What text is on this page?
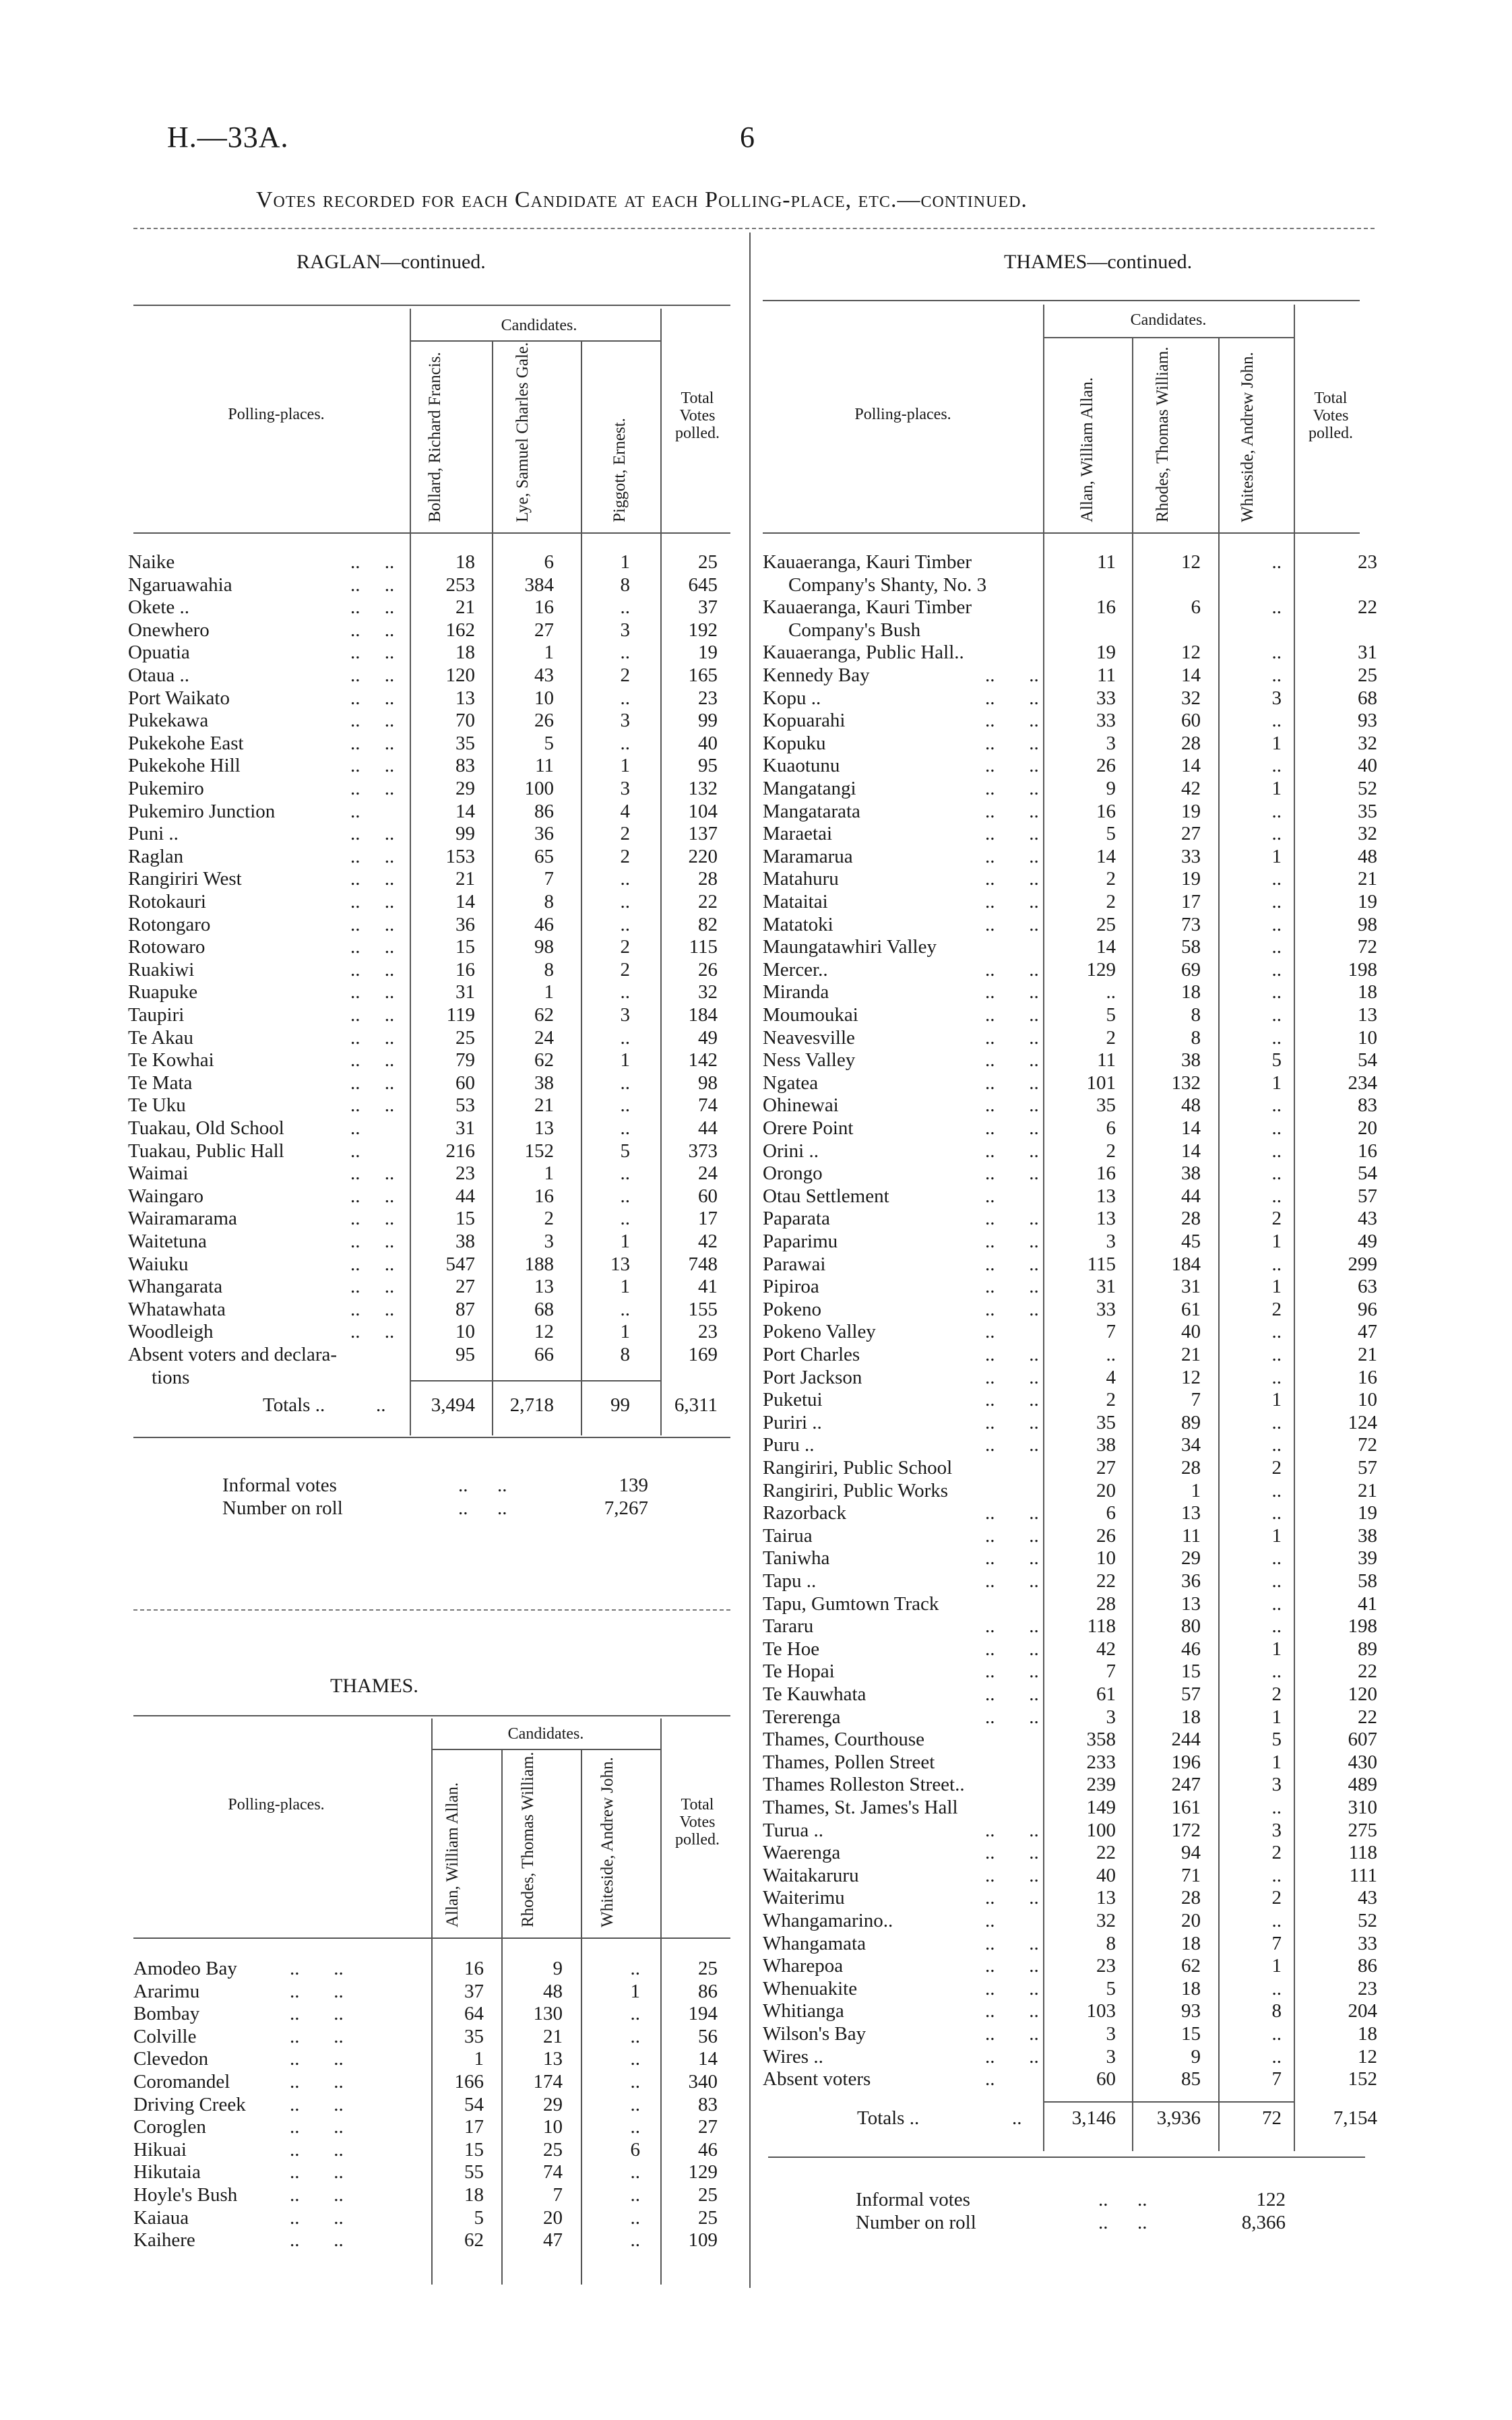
H.—33A.	6
Votes recorded for each Candidate at each Polling-place, etc.—continued.
RAGLAN—continued.
Candidates.
Polling-places.
Total Votes polled.
Bollard, Richard Francis.	Lye, Samuel Charles Gale.	Piggott, Ernest.
Naike	..     ..	18	6	1	25
Ngaruawahia	..     ..	253	384	8	645
Okete ..	..     ..	21	16	..	37
Onewhero	..     ..	162	27	3	192
Opuatia	..     ..	18	1	..	19
Otaua ..	..     ..	120	43	2	165
Port Waikato	..     ..	13	10	..	23
Pukekawa	..     ..	70	26	3	99
Pukekohe East	..     ..	35	5	..	40
Pukekohe Hill	..     ..	83	11	1	95
Pukemiro	..     ..	29	100	3	132
Pukemiro Junction	..	14	86	4	104
Puni ..	..     ..	99	36	2	137
Raglan	..     ..	153	65	2	220
Rangiriri West	..     ..	21	7	..	28
Rotokauri	..     ..	14	8	..	22
Rotongaro	..     ..	36	46	..	82
Rotowaro	..     ..	15	98	2	115
Ruakiwi	..     ..	16	8	2	26
Ruapuke	..     ..	31	1	..	32
Taupiri	..     ..	119	62	3	184
Te Akau	..     ..	25	24	..	49
Te Kowhai	..     ..	79	62	1	142
Te Mata	..     ..	60	38	..	98
Te Uku	..     ..	53	21	..	74
Tuakau, Old School	..	31	13	..	44
Tuakau, Public Hall	..	216	152	5	373
Waimai	..     ..	23	1	..	24
Waingaro	..     ..	44	16	..	60
Wairamarama	..     ..	15	2	..	17
Waitetuna	..     ..	38	3	1	42
Waiuku	..     ..	547	188	13	748
Whangarata	..     ..	27	13	1	41
Whatawhata	..     ..	87	68	..	155
Woodleigh	..     ..	10	12	1	23
Absent voters and declara-	95	66	8	169
tions
Totals ..	..	3,494	2,718	99	6,311
Informal votes	..      ..	139
Number on roll	..      ..	7,267
THAMES.
Candidates.
Polling-places.	Total Votes polled.
Allan, William Allan.	Rhodes, Thomas William.	Whiteside, Andrew John.
Amodeo Bay	..       ..	16	9	..	25
Ararimu	..       ..	37	48	1	86
Bombay	..       ..	64	130	..	194
Colville	..       ..	35	21	..	56
Clevedon	..       ..	1	13	..	14
Coromandel	..       ..	166	174	..	340
Driving Creek ..       ..	54	29	..	83
Coroglen	..       ..	17	10	..	27
Hikuai	..       ..	15	25	6	46
Hikutaia	..       ..	55	74	..	129
Hoyle's Bush	..       ..	18	7	..	25
Kaiaua	..       ..	5	20	..	25
Kaihere	..       ..	62	47	..	109
THAMES—continued.
Candidates.
Polling-places.
Total Votes polled.
Allan, William Allan.	Rhodes, Thomas William.	Whiteside, Andrew John.
Kauaeranga, Kauri Timber	11	12	..	23
Company's Shanty, No. 3
Kauaeranga, Kauri Timber	16	6	..	22
Company's Bush
Kauaeranga, Public Hall..	19	12	..	31
Kennedy Bay	..       ..	11	14	..	25
Kopu ..	..       ..	33	32	3	68
Kopuarahi	..       ..	33	60	..	93
Kopuku	..       ..	3	28	1	32
Kuaotunu	..       ..	26	14	..	40
Mangatangi	..       ..	9	42	1	52
Mangatarata	..       ..	16	19	..	35
Maraetai	..       ..	5	27	..	32
Maramarua	..       ..	14	33	1	48
Matahuru	..       ..	2	19	..	21
Mataitai	..       ..	2	17	..	19
Matatoki	..       ..	25	73	..	98
Maungatawhiri Valley	14	58	..	72
Mercer..	..       ..	129	69	..	198
Miranda	..       ..	..	18	..	18
Moumoukai	..       ..	5	8	..	13
Neavesville	..       ..	2	8	..	10
Ness Valley	..       ..	11	38	5	54
Ngatea	..       ..	101	132	1	234
Ohinewai	..       ..	35	48	..	83
Orere Point	..       ..	6	14	..	20
Orini ..	..       ..	2	14	..	16
Orongo	..       ..	16	38	..	54
Otau Settlement	..	13	44	..	57
Paparata	..       ..	13	28	2	43
Paparimu	..       ..	3	45	1	49
Parawai	..       ..	115	184	..	299
Pipiroa	..       ..	31	31	1	63
Pokeno	..       ..	33	61	2	96
Pokeno Valley	..	7	40	..	47
Port Charles	..       ..	..	21	..	21
Port Jackson	..       ..	4	12	..	16
Puketui	..       ..	2	7	1	10
Puriri ..	..       ..	35	89	..	124
Puru ..	..       ..	38	34	..	72
Rangiriri, Public School	27	28	2	57
Rangiriri, Public Works	20	1	..	21
Razorback	..       ..	6	13	..	19
Tairua	..       ..	26	11	1	38
Taniwha	..       ..	10	29	..	39
Tapu ..	..       ..	22	36	..	58
Tapu, Gumtown Track	28	13	..	41
Tararu	..       ..	118	80	..	198
Te Hoe	..       ..	42	46	1	89
Te Hopai	..       ..	7	15	..	22
Te Kauwhata	..       ..	61	57	2	120
Tererenga	..       ..	3	18	1	22
Thames, Courthouse	358	244	5	607
Thames, Pollen Street	233	196	1	430
Thames Rolleston Street..	239	247	3	489
Thames, St. James's Hall	149	161	..	310
Turua ..	..       ..	100	172	3	275
Waerenga	..       ..	22	94	2	118
Waitakaruru	..       ..	40	71	..	111
Waiterimu	..       ..	13	28	2	43
Whangamarino..	..	32	20	..	52
Whangamata	..       ..	8	18	7	33
Wharepoa	..       ..	23	62	1	86
Whenuakite	..       ..	5	18	..	23
Whitianga	..       ..	103	93	8	204
Wilson's Bay	..       ..	3	15	..	18
Wires ..	..       ..	3	9	..	12
Absent voters	..	60	85	7	152
Totals ..	..	3,146	3,936	72	7,154
Informal votes	..      ..	122
Number on roll	..      ..	8,366
